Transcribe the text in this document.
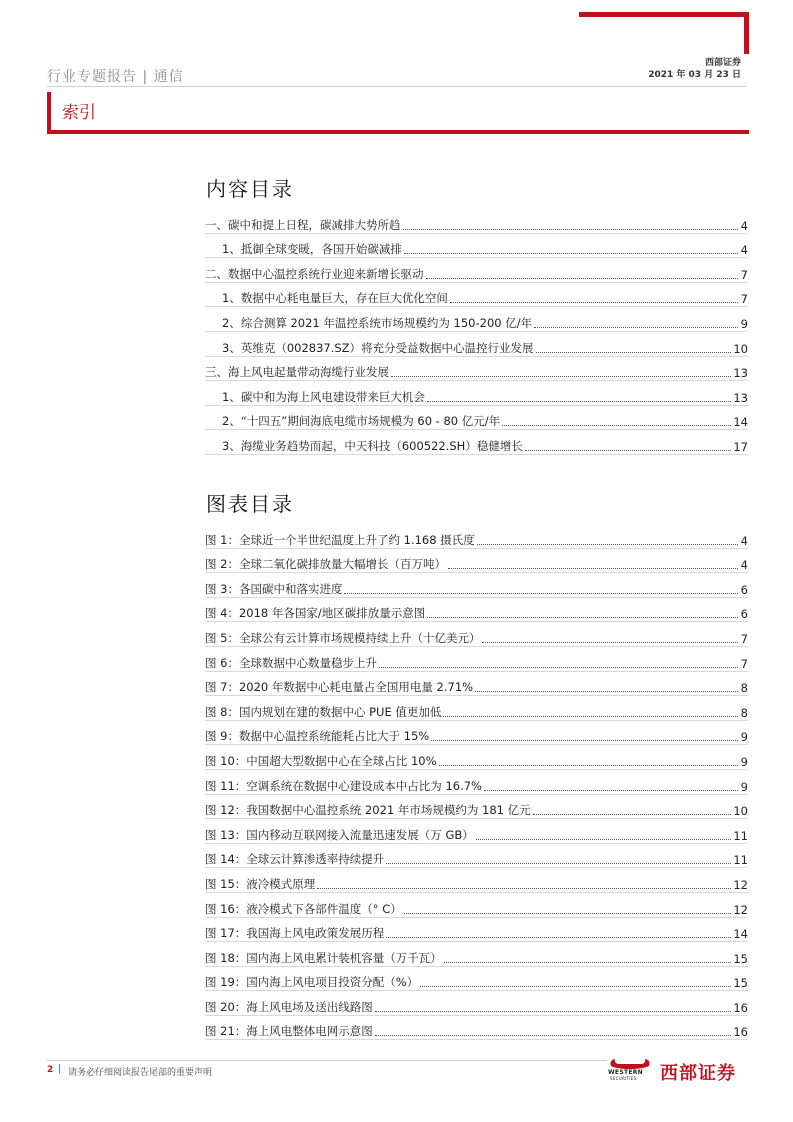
行业专题报告 | 通信
西部证券
2021 年 03 月 23 日
索引
内容目录
一、碳中和提上日程，碳减排大势所趋	4
1、抵御全球变暖，各国开始碳减排	4
二、数据中心温控系统行业迎来新增长驱动	7
1、数据中心耗电量巨大，存在巨大优化空间	7
2、综合测算 2021 年温控系统市场规模约为 150-200 亿/年	9
3、英维克（002837.SZ）将充分受益数据中心温控行业发展	10
三、海上风电起量带动海缆行业发展	13
1、碳中和为海上风电建设带来巨大机会	13
2、“十四五”期间海底电缆市场规模为 60 - 80 亿元/年	14
3、海缆业务趋势而起，中天科技（600522.SH）稳健增长	17
图表目录
图 1：全球近一个半世纪温度上升了约 1.168 摄氏度	4
图 2：全球二氧化碳排放量大幅增长（百万吨）	4
图 3：各国碳中和落实进度	6
图 4：2018 年各国家/地区碳排放量示意图	6
图 5：全球公有云计算市场规模持续上升（十亿美元）	7
图 6：全球数据中心数量稳步上升	7
图 7：2020 年数据中心耗电量占全国用电量 2.71%	8
图 8：国内规划在建的数据中心 PUE 值更加低	8
图 9：数据中心温控系统能耗占比大于 15%	9
图 10：中国超大型数据中心在全球占比 10%	9
图 11：空调系统在数据中心建设成本中占比为 16.7%	9
图 12：我国数据中心温控系统 2021 年市场规模约为 181 亿元	10
图 13：国内移动互联网接入流量迅速发展（万 GB）	11
图 14：全球云计算渗透率持续提升	11
图 15：液冷模式原理	12
图 16：液冷模式下各部件温度（° C）	12
图 17：我国海上风电政策发展历程	14
图 18：国内海上风电累计装机容量（万千瓦）	15
图 19：国内海上风电项目投资分配（%）	15
图 20：海上风电场及送出线路图	16
图 21：海上风电整体电网示意图	16
2 | 请务必仔细阅读报告尾部的重要声明	WESTERN
SECURITIES 西部证券
